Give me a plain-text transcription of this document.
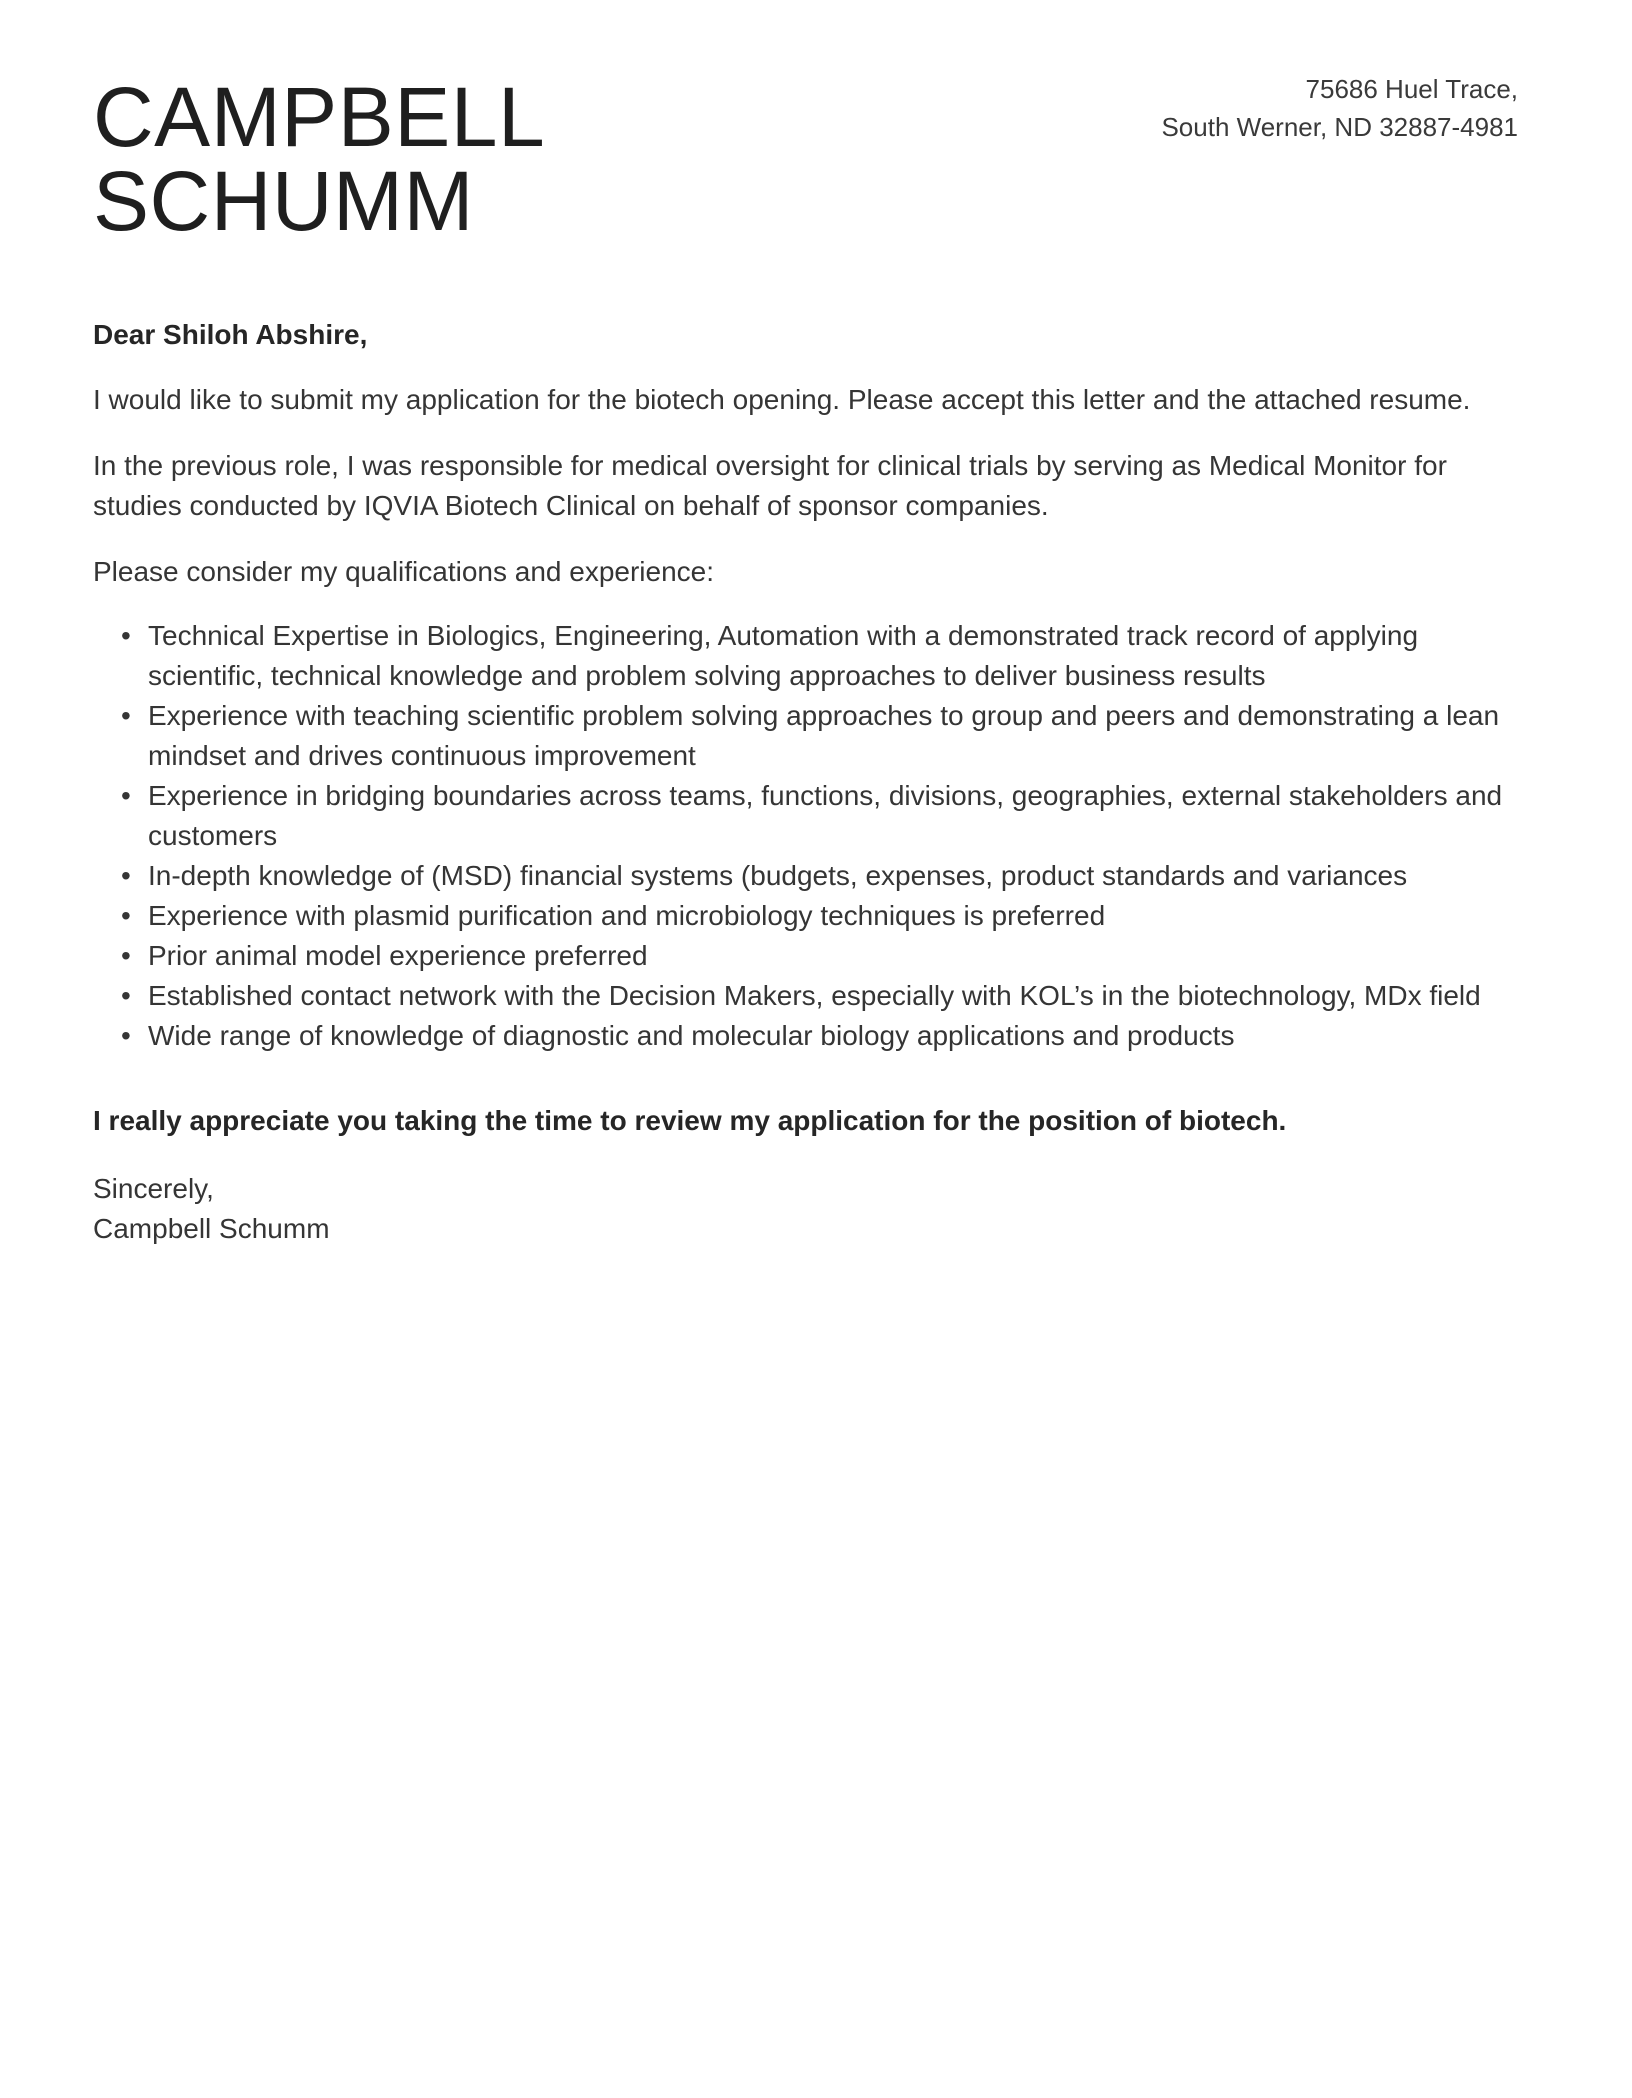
CAMPBELL
SCHUMM
75686 Huel Trace,
South Werner, ND 32887-4981
Dear Shiloh Abshire,

I would like to submit my application for the biotech opening. Please accept this letter and the attached resume.

In the previous role, I was responsible for medical oversight for clinical trials by serving as Medical Monitor for studies conducted by IQVIA Biotech Clinical on behalf of sponsor companies.

Please consider my qualifications and experience:

• Technical Expertise in Biologics, Engineering, Automation with a demonstrated track record of applying scientific, technical knowledge and problem solving approaches to deliver business results
• Experience with teaching scientific problem solving approaches to group and peers and demonstrating a lean mindset and drives continuous improvement
• Experience in bridging boundaries across teams, functions, divisions, geographies, external stakeholders and customers
• In-depth knowledge of (MSD) financial systems (budgets, expenses, product standards and variances
• Experience with plasmid purification and microbiology techniques is preferred
• Prior animal model experience preferred
• Established contact network with the Decision Makers, especially with KOL’s in the biotechnology, MDx field
• Wide range of knowledge of diagnostic and molecular biology applications and products

I really appreciate you taking the time to review my application for the position of biotech.

Sincerely,
Campbell Schumm
